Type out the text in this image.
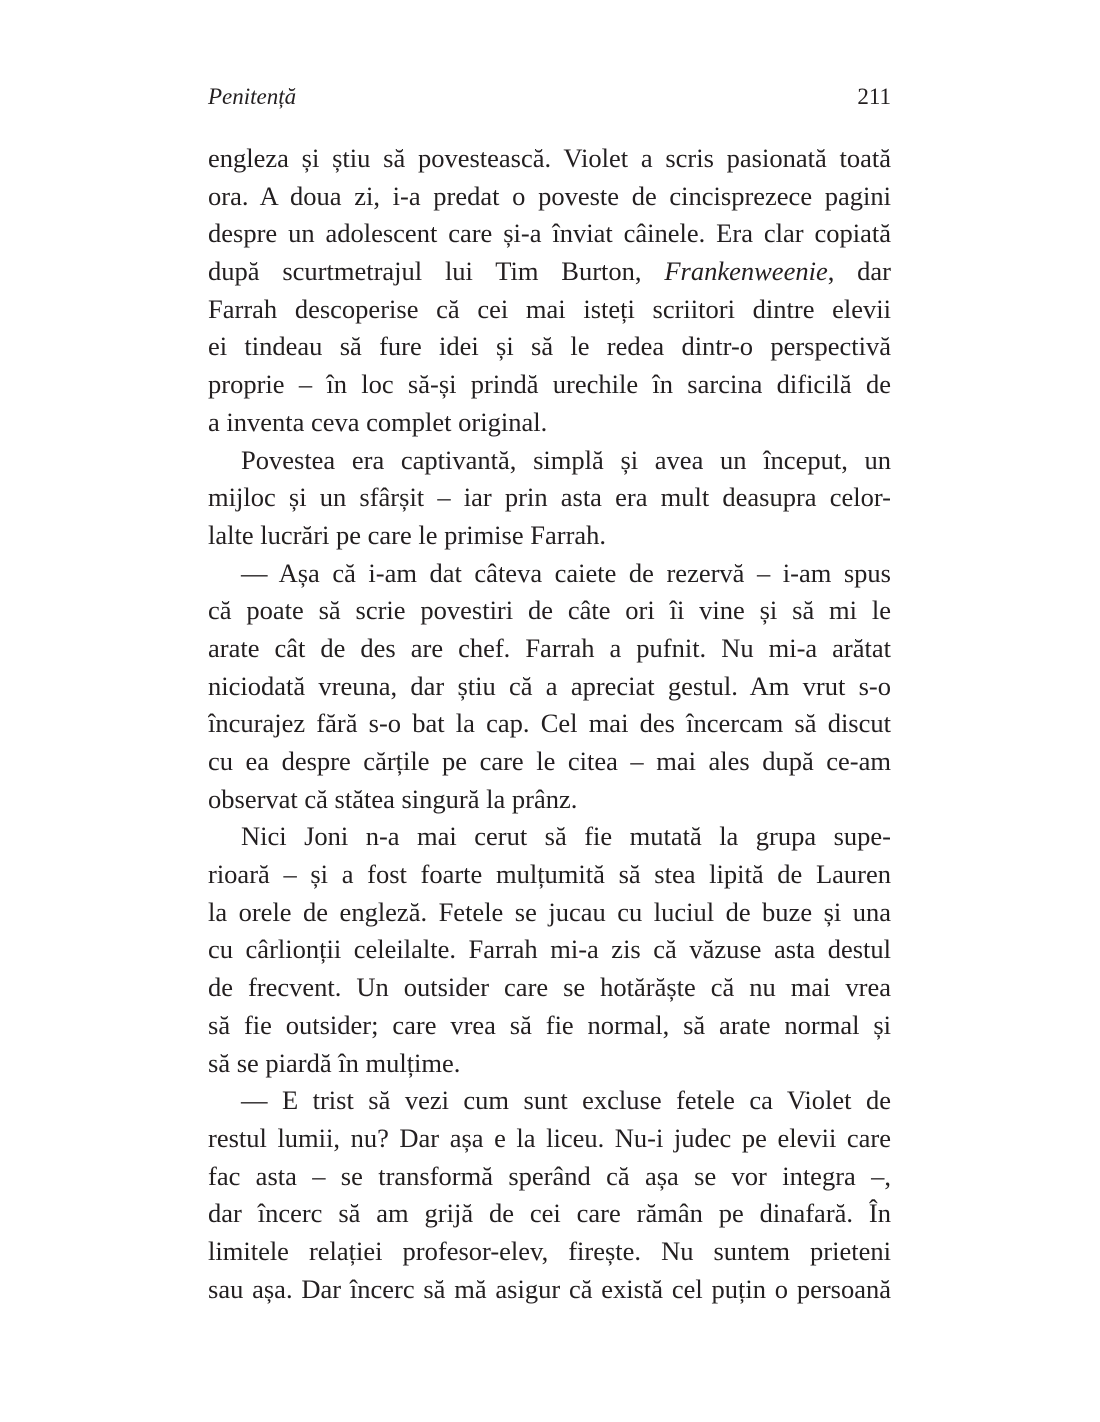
Penitență	211
engleza și știu să povestească. Violet a scris pasionată toată
ora. A doua zi, i-a predat o poveste de cincisprezece pagini
despre un adolescent care și-a înviat câinele. Era clar copiată
după scurtmetrajul lui Tim Burton, Frankenweenie, dar
Farrah descoperise că cei mai isteți scriitori dintre elevii
ei tindeau să fure idei și să le redea dintr-o perspectivă
proprie – în loc să-și prindă urechile în sarcina dificilă de
a inventa ceva complet original.
Povestea era captivantă, simplă și avea un început, un
mijloc și un sfârșit – iar prin asta era mult deasupra celor-
lalte lucrări pe care le primise Farrah.
— Așa că i-am dat câteva caiete de rezervă – i-am spus
că poate să scrie povestiri de câte ori îi vine și să mi le
arate cât de des are chef. Farrah a pufnit. Nu mi-a arătat
niciodată vreuna, dar știu că a apreciat gestul. Am vrut s-o
încurajez fără s-o bat la cap. Cel mai des încercam să discut
cu ea despre cărțile pe care le citea – mai ales după ce-am
observat că stătea singură la prânz.
Nici Joni n-a mai cerut să fie mutată la grupa supe-
rioară – și a fost foarte mulțumită să stea lipită de Lauren
la orele de engleză. Fetele se jucau cu luciul de buze și una
cu cârlionții celeilalte. Farrah mi-a zis că văzuse asta destul
de frecvent. Un outsider care se hotărăște că nu mai vrea
să fie outsider; care vrea să fie normal, să arate normal și
să se piardă în mulțime.
— E trist să vezi cum sunt excluse fetele ca Violet de
restul lumii, nu? Dar așa e la liceu. Nu-i judec pe elevii care
fac asta – se transformă sperând că așa se vor integra –,
dar încerc să am grijă de cei care rămân pe dinafară. În
limitele relației profesor-elev, firește. Nu suntem prieteni
sau așa. Dar încerc să mă asigur că există cel puțin o persoană
